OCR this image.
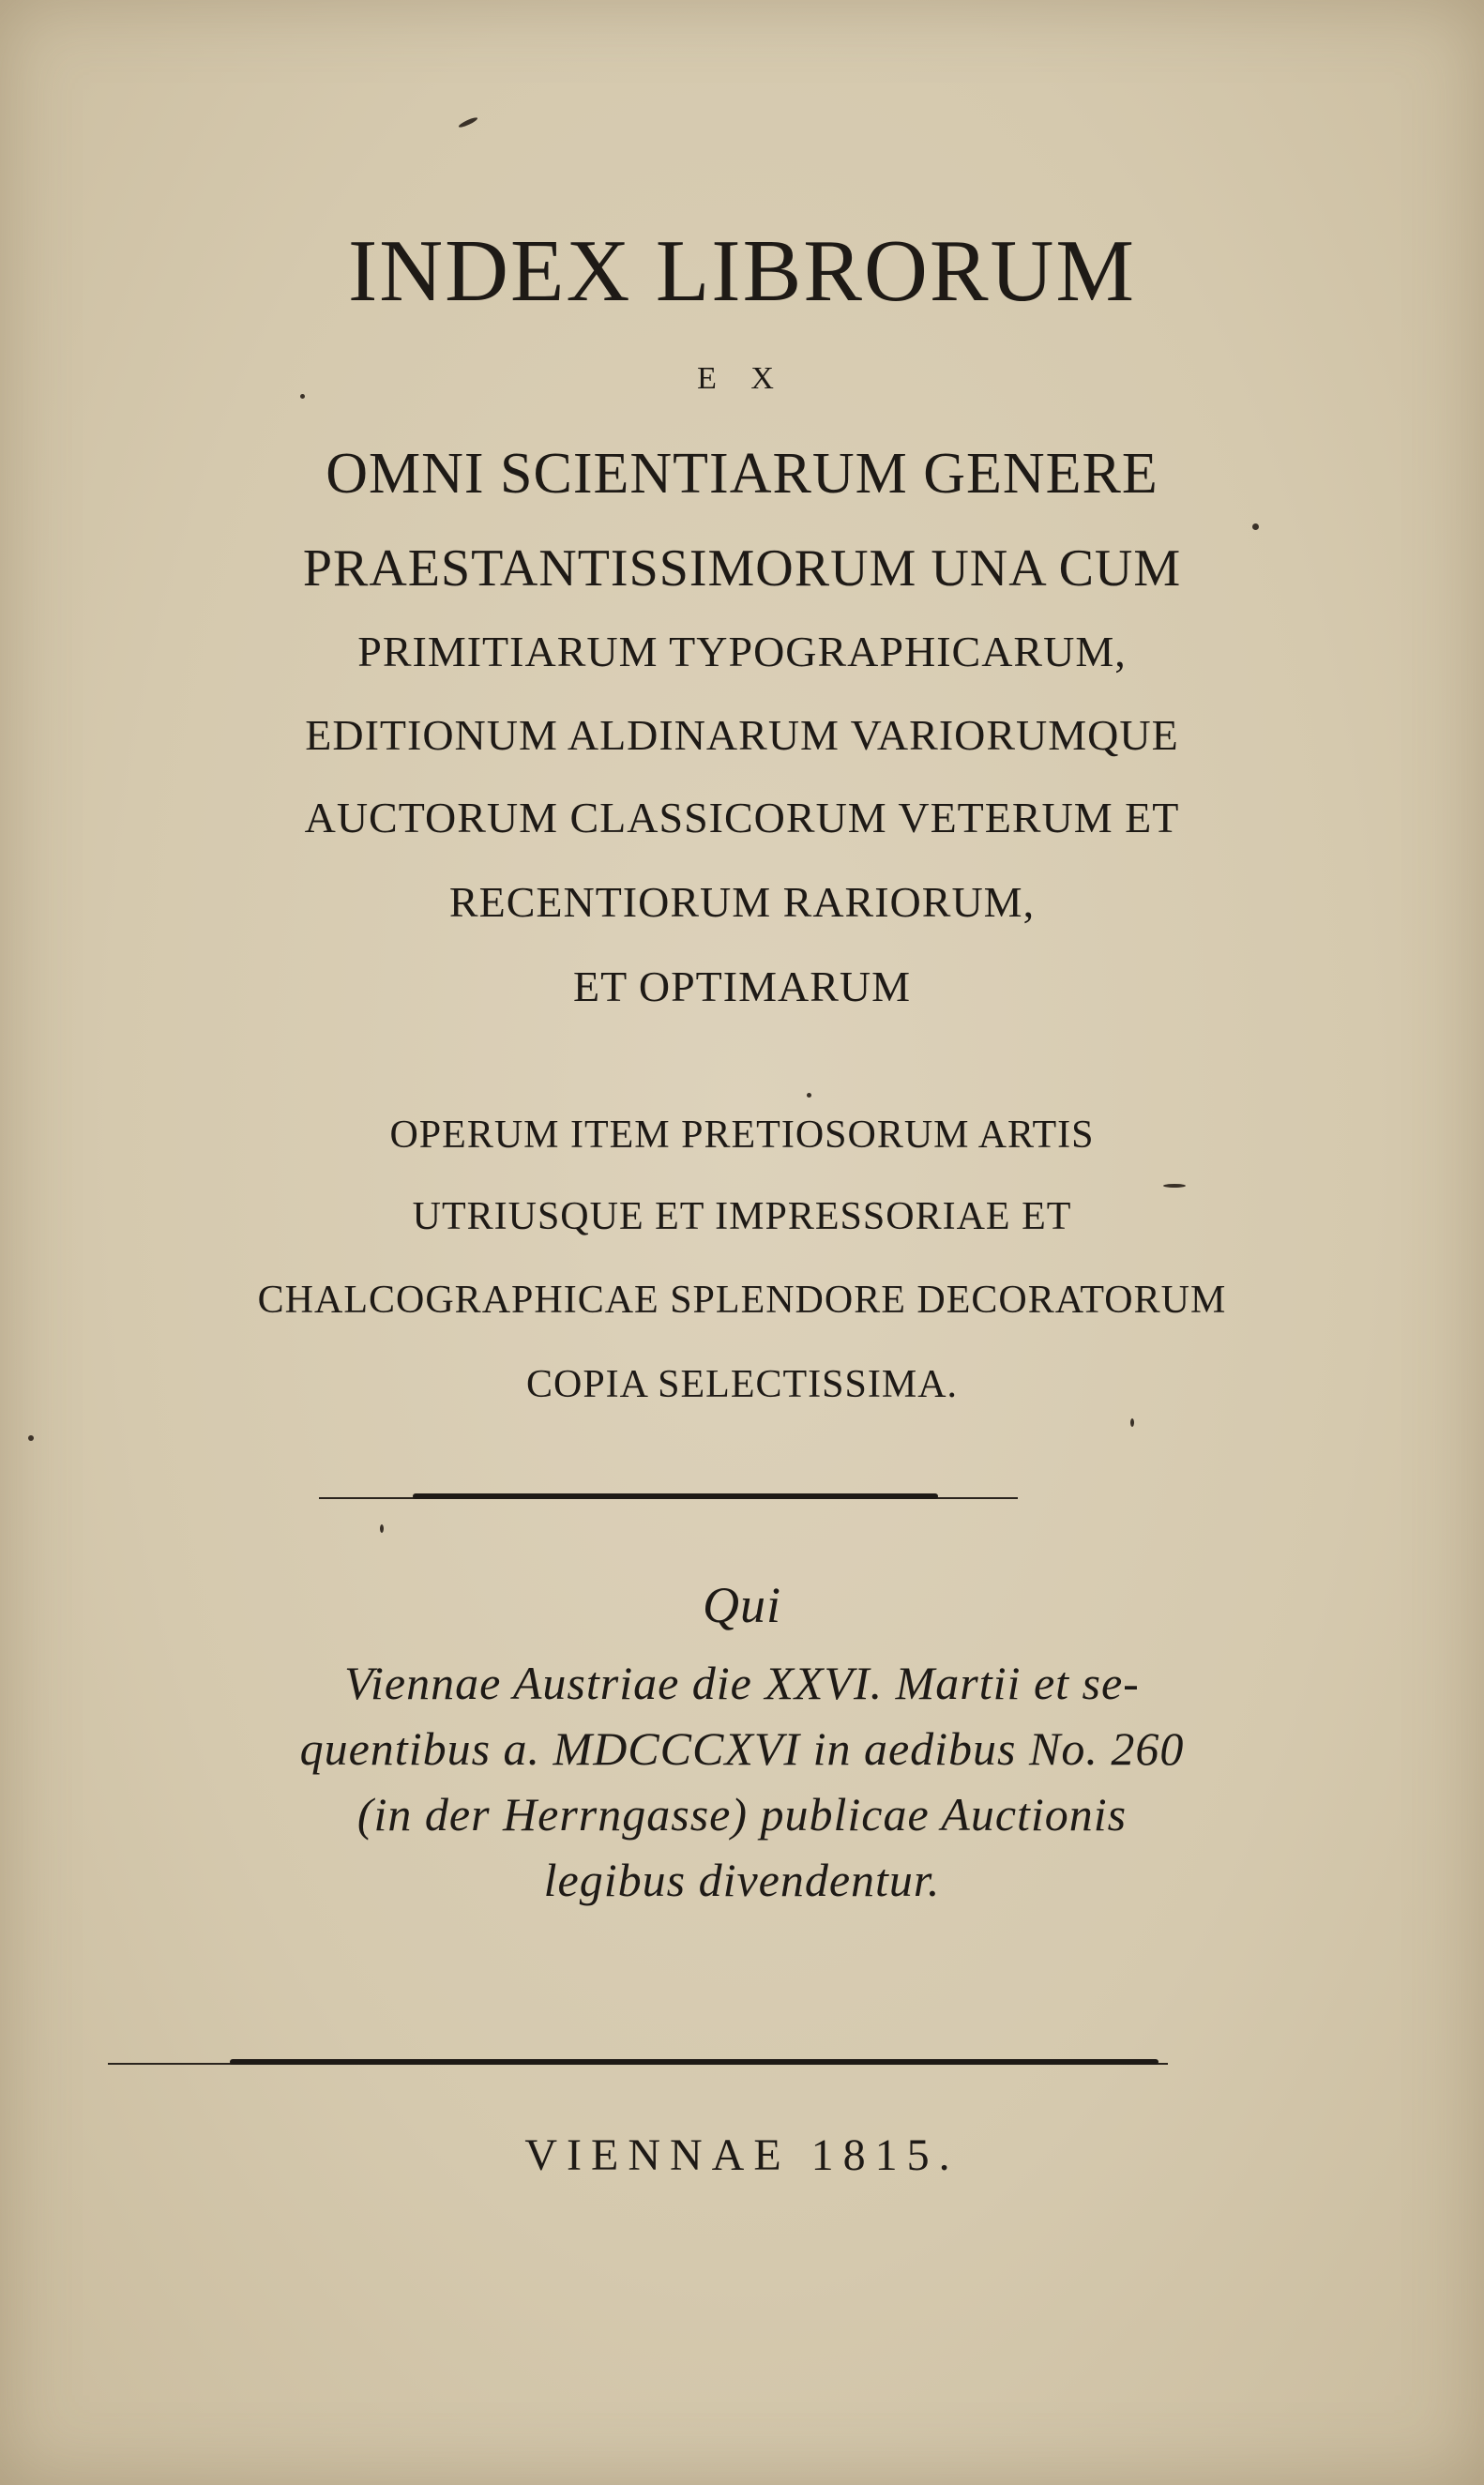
INDEX LIBRORUM
E X
OMNI SCIENTIARUM GENERE
PRAESTANTISSIMORUM UNA CUM
PRIMITIARUM TYPOGRAPHICARUM,
EDITIONUM ALDINARUM VARIORUMQUE
AUCTORUM CLASSICORUM VETERUM ET
RECENTIORUM RARIORUM,
ET OPTIMARUM
OPERUM ITEM PRETIOSORUM ARTIS
UTRIUSQUE ET IMPRESSORIAE ET
CHALCOGRAPHICAE SPLENDORE DECORATORUM
COPIA SELECTISSIMA.
Qui
Viennae Austriae die XXVI. Martii et se-
quentibus a. MDCCCXVI in aedibus No. 260
(in der Herrngasse) publicae Auctionis
legibus divendentur.
VIENNAE 1815.
